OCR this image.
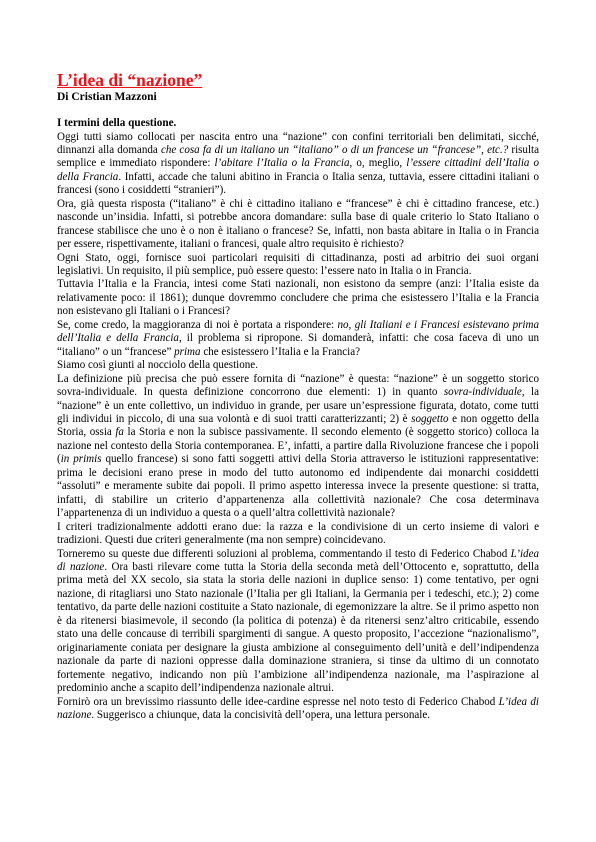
L’idea di “nazione”
Di Cristian Mazzoni
I termini della questione.

Oggi tutti siamo collocati per nascita entro una “nazione” con confini territoriali ben delimitati, sicché, dinnanzi alla domanda che cosa fa di un italiano un “italiano” o di un francese un “francese”, etc.? risulta semplice e immediato rispondere: l’abitare l’Italia o la Francia, o, meglio, l’essere cittadini dell’Italia o della Francia. Infatti, accade che taluni abitino in Francia o Italia senza, tuttavia, essere cittadini italiani o francesi (sono i cosiddetti “stranieri”).

Ora, già questa risposta (“italiano” è chi è cittadino italiano e “francese” è chi è cittadino francese, etc.) nasconde un’insidia. Infatti, si potrebbe ancora domandare: sulla base di quale criterio lo Stato Italiano o francese stabilisce che uno è o non è italiano o francese? Se, infatti, non basta abitare in Italia o in Francia per essere, rispettivamente, italiani o francesi, quale altro requisito è richiesto?

Ogni Stato, oggi, fornisce suoi particolari requisiti di cittadinanza, posti ad arbitrio dei suoi organi legislativi. Un requisito, il più semplice, può essere questo: l’essere nato in Italia o in Francia.

Tuttavia l’Italia e la Francia, intesi come Stati nazionali, non esistono da sempre (anzi: l’Italia esiste da relativamente poco: il 1861); dunque dovremmo concludere che prima che esistessero l’Italia e la Francia non esistevano gli Italiani o i Francesi?

Se, come credo, la maggioranza di noi è portata a rispondere: no, gli Italiani e i Francesi esistevano prima dell’Italia e della Francia, il problema si ripropone. Si domanderà, infatti: che cosa faceva di uno un “italiano” o un “francese” prima che esistessero l’Italia e la Francia?

Siamo così giunti al nocciolo della questione.

La definizione più precisa che può essere fornita di “nazione” è questa: “nazione” è un soggetto storico sovra-individuale. In questa definizione concorrono due elementi: 1) in quanto sovra-individuale, la “nazione” è un ente collettivo, un individuo in grande, per usare un’espressione figurata, dotato, come tutti gli individui in piccolo, di una sua volontà e di suoi tratti caratterizzanti; 2) è soggetto e non oggetto della Storia, ossia fa la Storia e non la subisce passivamente. Il secondo elemento (è soggetto storico) colloca la nazione nel contesto della Storia contemporanea. E’, infatti, a partire dalla Rivoluzione francese che i popoli (in primis quello francese) si sono fatti soggetti attivi della Storia attraverso le istituzioni rappresentative: prima le decisioni erano prese in modo del tutto autonomo ed indipendente dai monarchi cosiddetti “assoluti” e meramente subite dai popoli. Il primo aspetto interessa invece la presente questione: si tratta, infatti, di stabilire un criterio d’appartenenza alla collettività nazionale? Che cosa determinava l’appartenenza di un individuo a questa o a quell’altra collettività nazionale?

I criteri tradizionalmente addotti erano due: la razza e la condivisione di un certo insieme di valori e tradizioni. Questi due criteri generalmente (ma non sempre) coincidevano.

Torneremo su queste due differenti soluzioni al problema, commentando il testo di Federico Chabod L’idea di nazione. Ora basti rilevare come tutta la Storia della seconda metà dell’Ottocento e, soprattutto, della prima metà del XX secolo, sia stata la storia delle nazioni in duplice senso: 1) come tentativo, per ogni nazione, di ritagliarsi uno Stato nazionale (l’Italia per gli Italiani, la Germania per i tedeschi, etc.); 2) come tentativo, da parte delle nazioni costituite a Stato nazionale, di egemonizzare la altre. Se il primo aspetto non è da ritenersi biasimevole, il secondo (la politica di potenza) è da ritenersi senz’altro criticabile, essendo stato una delle concause di terribili spargimenti di sangue. A questo proposito, l’accezione “nazionalismo”, originariamente coniata per designare la giusta ambizione al conseguimento dell’unità e dell’indipendenza nazionale da parte di nazioni oppresse dalla dominazione straniera, si tinse da ultimo di un connotato fortemente negativo, indicando non più l’ambizione all’indipendenza nazionale, ma l’aspirazione al predominio anche a scapito dell’indipendenza nazionale altrui.

Fornirò ora un brevissimo riassunto delle idee-cardine espresse nel noto testo di Federico Chabod L’idea di nazione. Suggerisco a chiunque, data la concisività dell’opera, una lettura personale.
